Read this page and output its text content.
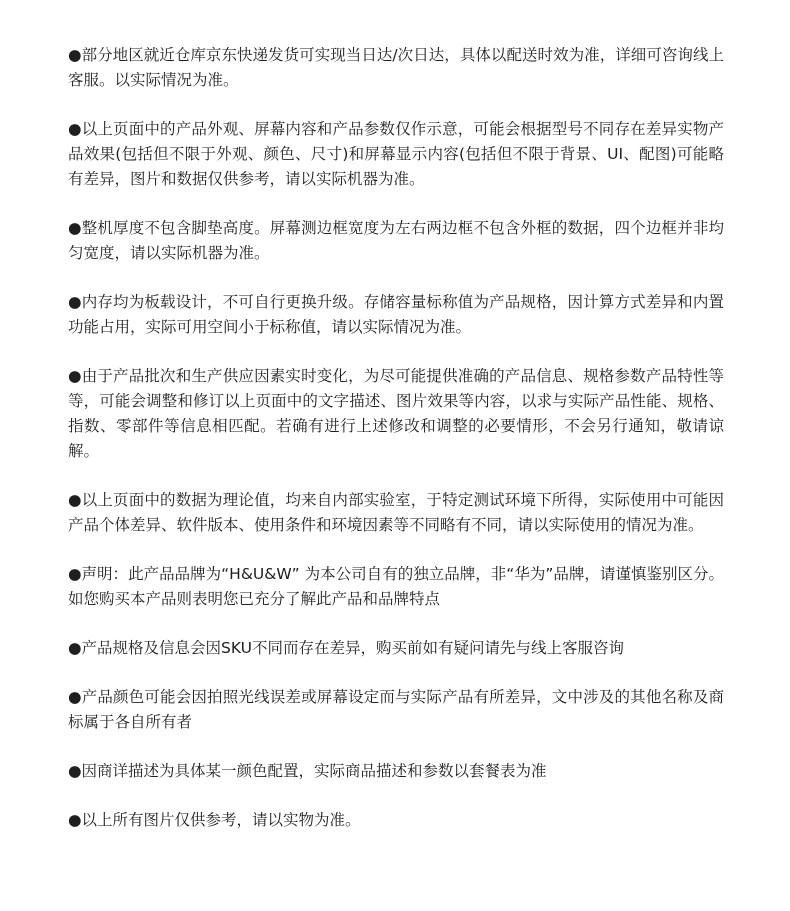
●部分地区就近仓库京东快递发货可实现当日达/次日达，具体以配送时效为准，详细可咨询线上客服。以实际情况为准。

●以上页面中的产品外观、屏幕内容和产品参数仅作示意，可能会根据型号不同存在差异实物产品效果(包括但不限于外观、颜色、尺寸)和屏幕显示内容(包括但不限于背景、UI、配图)可能略有差异，图片和数据仅供参考，请以实际机器为准。

●整机厚度不包含脚垫高度。屏幕测边框宽度为左右两边框不包含外框的数据，四个边框并非均匀宽度，请以实际机器为准。

●内存均为板载设计，不可自行更换升级。存储容量标称值为产品规格，因计算方式差异和内置功能占用，实际可用空间小于标称值，请以实际情况为准。

●由于产品批次和生产供应因素实时变化，为尽可能提供准确的产品信息、规格参数产品特性等等，可能会调整和修订以上页面中的文字描述、图片效果等内容，以求与实际产品性能、规格、指数、零部件等信息相匹配。若确有进行上述修改和调整的必要情形，不会另行通知，敬请谅解。

●以上页面中的数据为理论值，均来自内部实验室，于特定测试环境下所得，实际使用中可能因产品个体差异、软件版本、使用条件和环境因素等不同略有不同，请以实际使用的情况为准。

●声明：此产品品牌为“H&U&W” 为本公司自有的独立品牌，非“华为”品牌，请谨慎鉴别区分。如您购买本产品则表明您已充分了解此产品和品牌特点

●产品规格及信息会因SKU不同而存在差异，购买前如有疑问请先与线上客服咨询

●产品颜色可能会因拍照光线误差或屏幕设定而与实际产品有所差异，文中涉及的其他名称及商标属于各自所有者

●因商详描述为具体某一颜色配置，实际商品描述和参数以套餐表为准

●以上所有图片仅供参考，请以实物为准。
